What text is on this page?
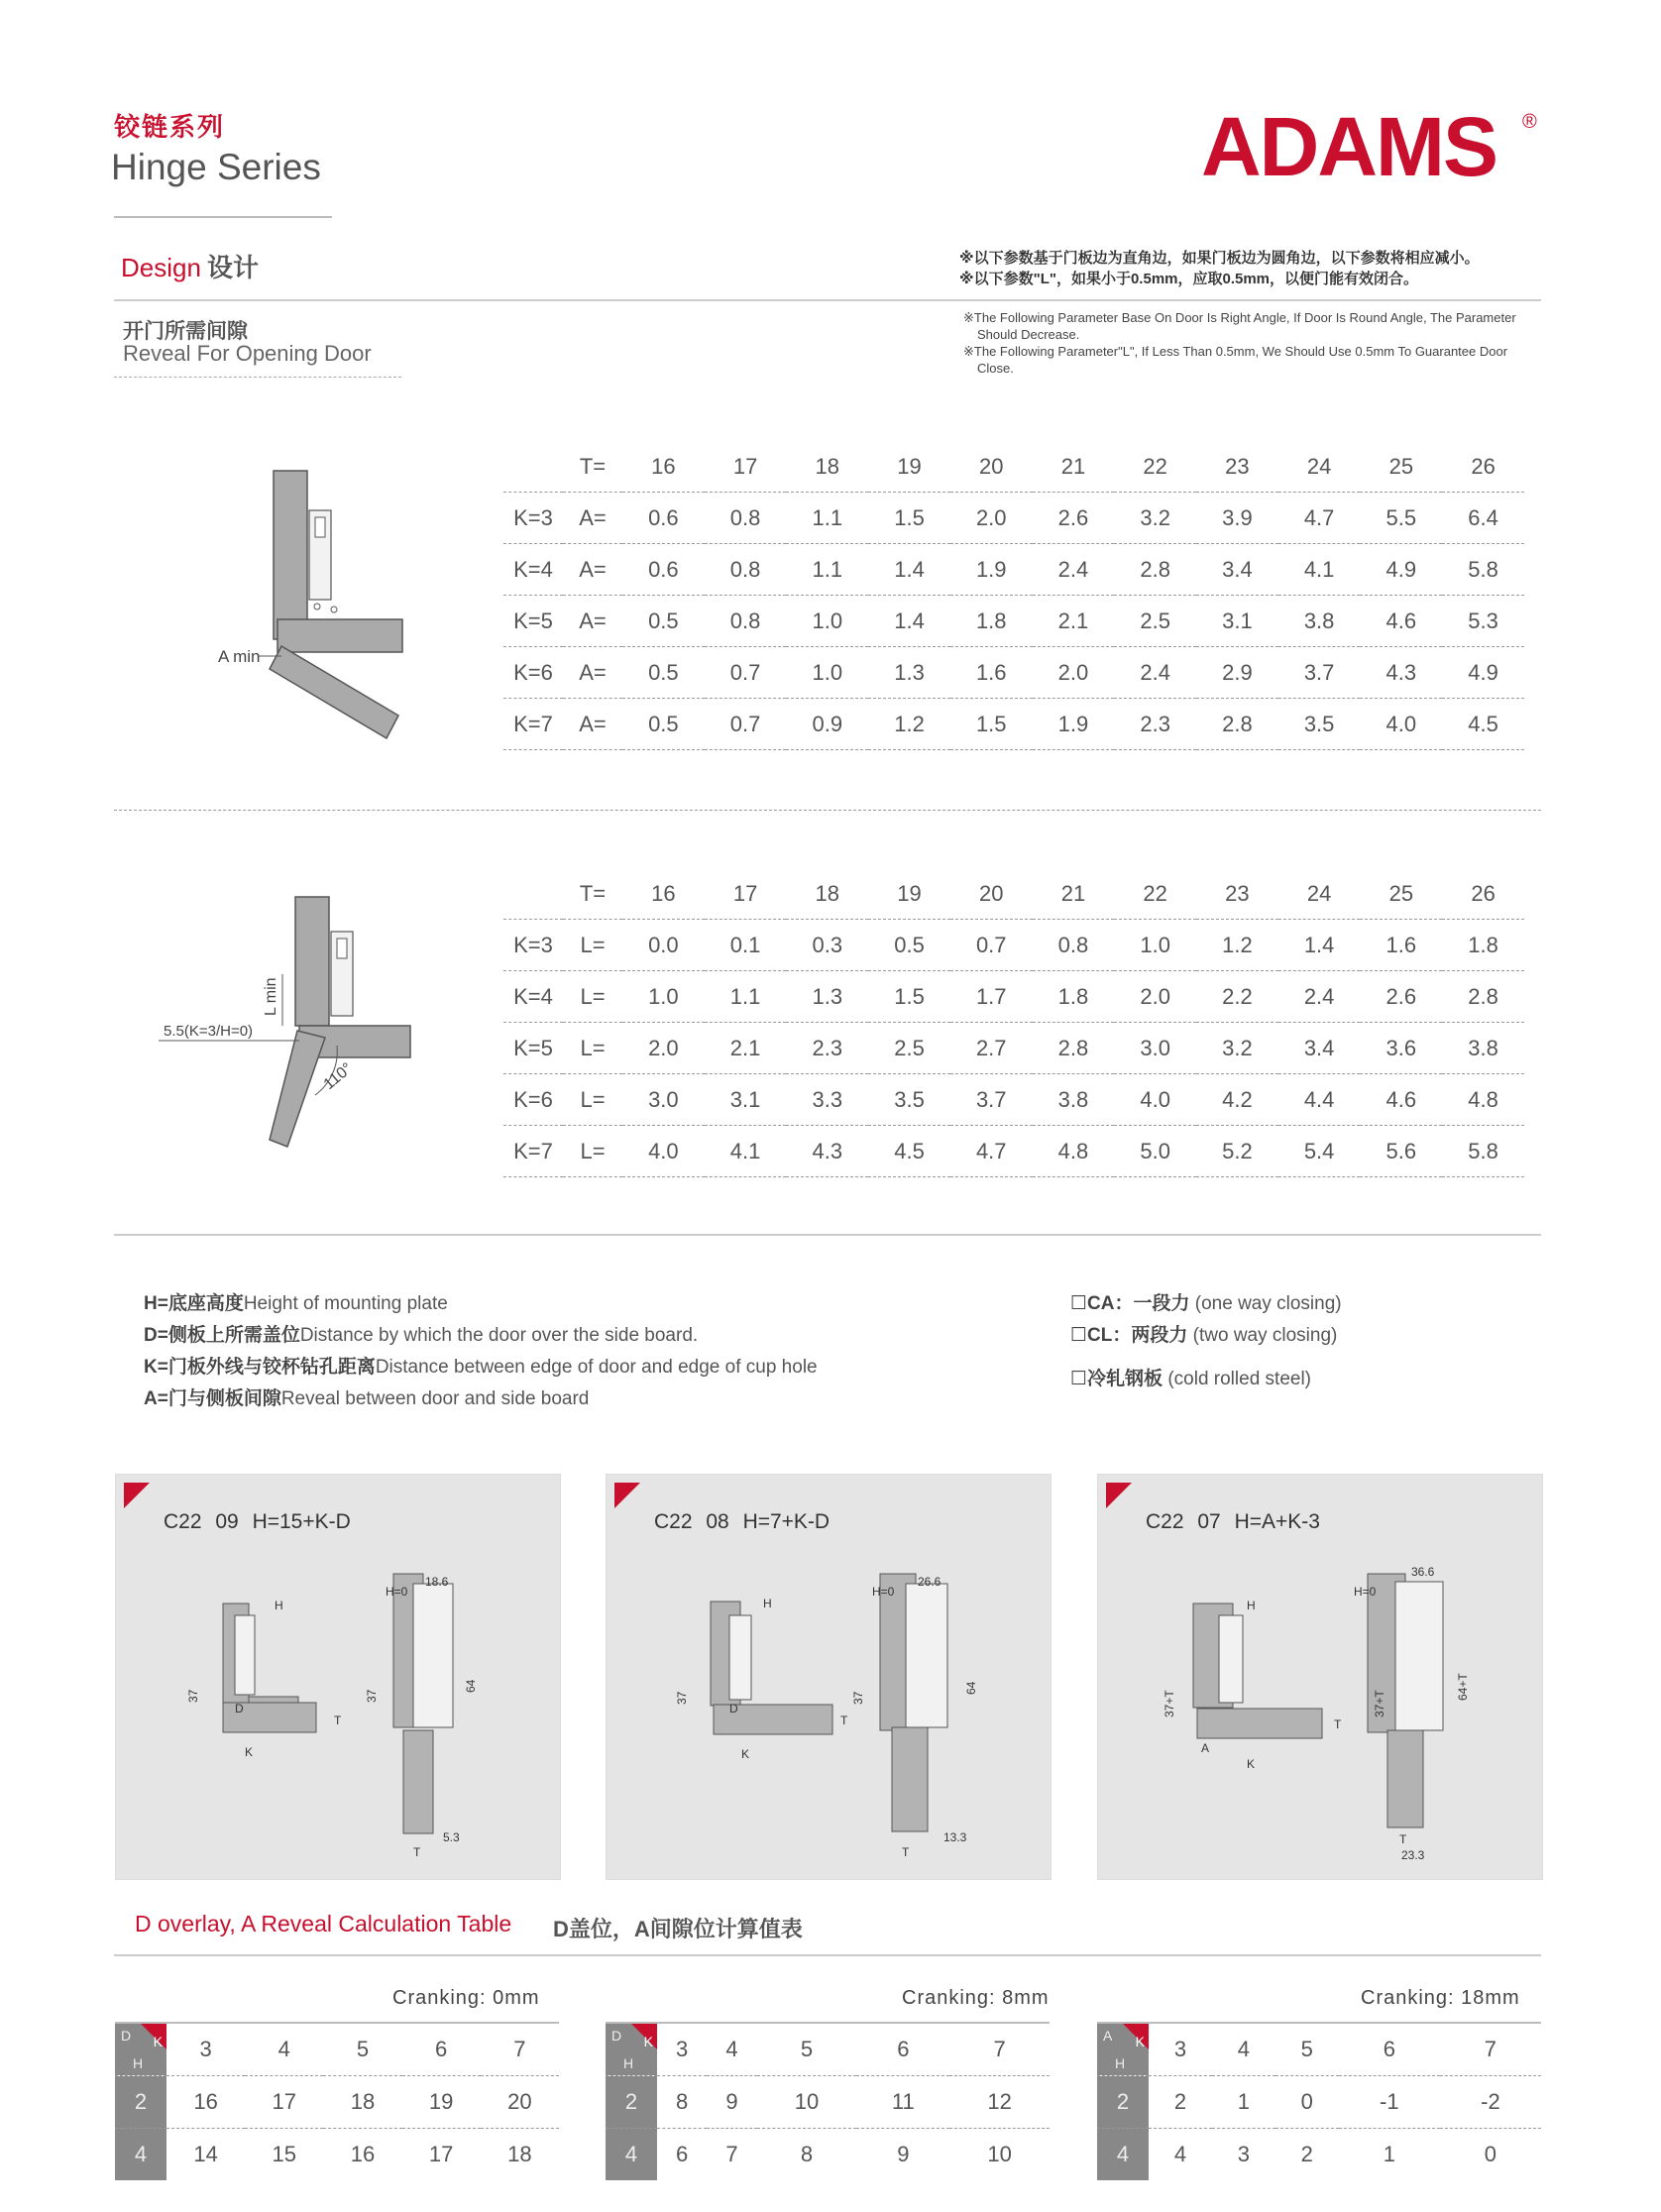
铰链系列
Hinge Series	ADAMS ®
Design 设计	※以下参数基于门板边为直角边，如果门板边为圆角边，以下参数将相应减小。
※以下参数"L"，如果小于0.5mm，应取0.5mm，以便门能有效闭合。
※The Following Parameter Base On Door Is Right Angle, If Door Is Round Angle, The Parameter Should Decrease.
※The Following Parameter"L", If Less Than 0.5mm, We Should Use 0.5mm To Guarantee Door Close.
开门所需间隙
Reveal For Opening Door
A min
	T=	16	17	18	19	20	21	22	23	24	25	26
K=3	A=	0.6	0.8	1.1	1.5	2.0	2.6	3.2	3.9	4.7	5.5	6.4
K=4	A=	0.6	0.8	1.1	1.4	1.9	2.4	2.8	3.4	4.1	4.9	5.8
K=5	A=	0.5	0.8	1.0	1.4	1.8	2.1	2.5	3.1	3.8	4.6	5.3
K=6	A=	0.5	0.7	1.0	1.3	1.6	2.0	2.4	2.9	3.7	4.3	4.9
K=7	A=	0.5	0.7	0.9	1.2	1.5	1.9	2.3	2.8	3.5	4.0	4.5
L min
5.5(K=3/H=0)
110°
	T=	16	17	18	19	20	21	22	23	24	25	26
K=3	L=	0.0	0.1	0.3	0.5	0.7	0.8	1.0	1.2	1.4	1.6	1.8
K=4	L=	1.0	1.1	1.3	1.5	1.7	1.8	2.0	2.2	2.4	2.6	2.8
K=5	L=	2.0	2.1	2.3	2.5	2.7	2.8	3.0	3.2	3.4	3.6	3.8
K=6	L=	3.0	3.1	3.3	3.5	3.7	3.8	4.0	4.2	4.4	4.6	4.8
K=7	L=	4.0	4.1	4.3	4.5	4.7	4.8	5.0	5.2	5.4	5.6	5.8
H=底座高度Height of mounting plate
D=侧板上所需盖位Distance by which the door over the side board.
K=门板外线与铰杯钻孔距离Distance between edge of door and edge of cup hole
A=门与侧板间隙Reveal between door and side board
☐CA：一段力 (one way closing)
☐CL：两段力 (two way closing)
☐冷轧钢板 (cold rolled steel)
C22 09 H=15+K-D
H
D
K
T
37
H=0
18.6
5.3
T
37
64
C22 08 H=7+K-D
H
D
K
T
37
H=0
26.6
13.3
T
37
64
C22 07 H=A+K-3
H
A
K
T
37+T
H=0
36.6
23.3
T
37+T
64+T
D overlay, A Reveal Calculation Table D盖位，A间隙位计算值表
Cranking: 0mm	Cranking: 8mm	Cranking: 18mm
D
H
K	3	4	5	6	7
2	16	17	18	19	20
4	14	15	16	17	18
D
H
K	3	4	5	6	7
2	8	9	10	11	12
4	6	7	8	9	10
A
H
K	3	4	5	6	7
2	2	1	0	-1	-2
4	4	3	2	1	0
